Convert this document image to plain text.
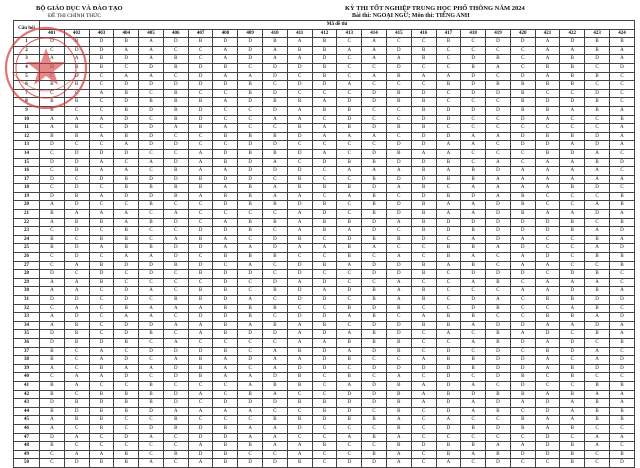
BỘ GIÁO DỤC VÀ ĐÀO TẠO
ĐỀ THI CHÍNH THỨC
KỲ THI TỐT NGHIỆP TRUNG HỌC PHỔ THÔNG NĂM 2024
Bài thi: NGOẠI NGỮ; Môn thi: TIẾNG ANH
Câu hỏi	Mã đề thi																							
	401	402	403	404	405	406	407	408	409	410	411	412	413	414	415	416	417	418	419	420	421	422	423	424
1	D	B	D	B	A	D	B	D	D	B	A	B	C	A	C	C	B	C	D	D	A	D	B	B
2	C	D	D	A	A	C	C	A	D	A	B	B	A	A	D	B	C	C	C	C	A	A	B	A
3	A	A	B	D	A	B	C	A	D	A	A	D	C	A	A	B	C	D	B	C	A	B	D	A
4		B	B	C	D	B	D	B	C	D	D	B	C	C	D	C	C	B	A	C	B	B	C	D
5		D	C	A	A	C	D	A	A	D	C	B	C	A	B	A	A	D	C	D	A	B	B	C
6	B	B	C	D	D	D	D	D	B	C	D	D	A	C	C	C	B	D	B	B	B	B	C	C
7	C	C	A	B	C	B	C	C	B	D	C	C	C	D	B	D	C	D	D	B	C	C	D	C
8	B	B	C	D	B	B	B	A	D	B	B	A	D	D	B	B	C	C	C	B	D	D	B	C
9	B	C	C	B	D	B	D	C	C	D	A	B	B	C	C	B	D	D	D	B	B	A	B	A
10	A	A	A	D	C	B	D	C	C	A	A	C	D	C	C	D	D	C	C	D	A	C	C	B
11	A	B	C	D	D	A	B	A	C	C	B	A	B	D	B	B	C	C	C	C	C	C	C	A
12	B	B	A	B	D	C	C	B	B	B	D	A	A	A	C	D	D	A	A	D	B	B	D	A
13	D	C	C	A	D	D	C	C	D	D	C	C	C	C	D	D	A	A	C	D	D	A	D	A
14	C	D	D	D	C	C	A	D	B	B	D	A	C	D	B	A	A	C	C	C	B	D	A	C
15	D	D	A	C	A	D	A	B	D	A	C	D	B	B	D	D	B	C	A	C	A	A	B	D
16	C	B	A	A	C	B	A	A	D	D	D	C	A	A	A	B	A	B	D	A	A	A	A	C
17	D	C	D	B	D	D	B	D	D	C	B	C	C	B	D	D	B	B	A	A	A	A	A	A
18	C	D	C	B	B	B	B	A	B	A	B	B	B	D	A	B	C	A	A	A	A	B	D	C
19	D	B	A	D	D	B	A	B	B	A	A	C	A	B	C	D	B	D	A	B	C	C	C	B
20	A	D	C	C	B	C	C	D	B	B	D	B	C	B	D	B	A	A	D	B	C	C	A	B
21	B	A	A	A	C	A	C	C	C	C	A	D	C	B	D	B	A	A	D	B	A	A	D	A
22	A	B	B	A	B	D	C	A	B	B	A	B	B	D	A	B	D	D	D	D	D	B	C	B
23	C	D	C	B	C	C	D	D	B	C	A	B	A	D	C	B	D	B	D	D	D	B	A	D
24	B	C	B	B	C	A	B	A	C	D	B	C	D	B	B	D	C	A	D	A	C	C	B	A
25	B	D	A	B	B	D	D	A	A	D	A	A	B	A	C	C	B	B	A	D	C	C	A	D
26	C	D	C	A	A	D	C	B	B	B	C	C	B	C	A	C	B	A	C	A	D	C	B	B
27	C	A	B	D	D	B	D	C	A	C	D	B	A	D	D	B	A	B	C	A	A	C	C	B
28	D	C	D	C	D	C	B	D	D	C	D	C	C	D	D	B	C	D	D	D	C	D	B	C
29	A	A	B	C	C	C	C	D	C	D	A	D	C	C	A	C	C	A	B	C	A	A	A	C
30	A	A	C	D	A	C	B	B	C	B	D	A	D	B	A	B	C	C	C	A	A	D	B	A
31	D	D	C	D	C	B	B	D	A	C	D	D	C	B	A	B	C	D	A	C	B	B	D	D
32	C	A	C	B	A	A	A	B	B	B	C	C	B	D	B	C	C	D	B	C	C	A	B	C
33	A	D	C	A	A	C	D	D	B	C	D	D	A	B	C	A	B	B	C	C	B	B	A	D
34	A	B	C	D	D	A	A	B	A	B	A	B	C	D	D	B	B	A	D	D	A	A	D	A
35	D	B	C	D	B	C	A	B	D	D	A	D	A	B	D	C	A	C	B	A	D	C	B	A
36	D	B	D	B	C	A	C	C	C	C	A	A	B	B	B	C	C	A	B	D	A	D	C	B
37	B	C	A	C	D	D	D	B	C	A	B	D	A	D	B	C	D	C	D	C	B	D	A	C
38	B	C	A	D	C	A	B	A	D	A	A	D	B	C	C	A	B	B	D	D	A	C	A	D
39	A	C	B	A	A	D	B	A	C	A	D	D	C	D	D	D	D	B	D	D	A	B	D	D
40	C	A	A	D	C	D	B	A	A	D	B	C	B	C	A	C	D	C	D	B	C	B	C	C
41	B	A	C	C	B	C	C	C	A	B	B	C	A	D	B	A	D	A	C	D	C	C	B	B
42	B	C	B	B	B	D	A	C	B	A	C	C	D	D	B	A	B	D	B	B	A	B	A	A
43	D	B	D	B	B	D	C	D	D	D	B	B	D	D	B	A	D	A	D	A	D	A	B	A
44	B	D	B	B	D	A	A	A	A	C	C	B	D	C	B	C	D	A	B	C	D	A	B	B
45	A	B	B	C	C	B	C	C	C	B	B	D	B	B	A	C	A	C	C	B	A	A	B	B
46	A	C	B	C	D	B	D	B	A	A	D	C	C	C	B	C	D	B	D	B	A	B	C	C
47	D	A	C	D	A	C	D	D	A	A	C	C	A	B	A	C	C	C	C	C	D	C	A	A
48	B	C	C	C	C	C	A	B	B	A	A	B	C	C	B	D	B	B	A	A	D	B	A	C
49	C	A	A	B	C	B	D	B	C	C	A	C	C	B	A	C	B	A	B	D	D	B	C	B
50	C	D	B	B	A	C	A	B	D	D	B	C	D	D	A	C	A	C	D	C	C	B	C	D
